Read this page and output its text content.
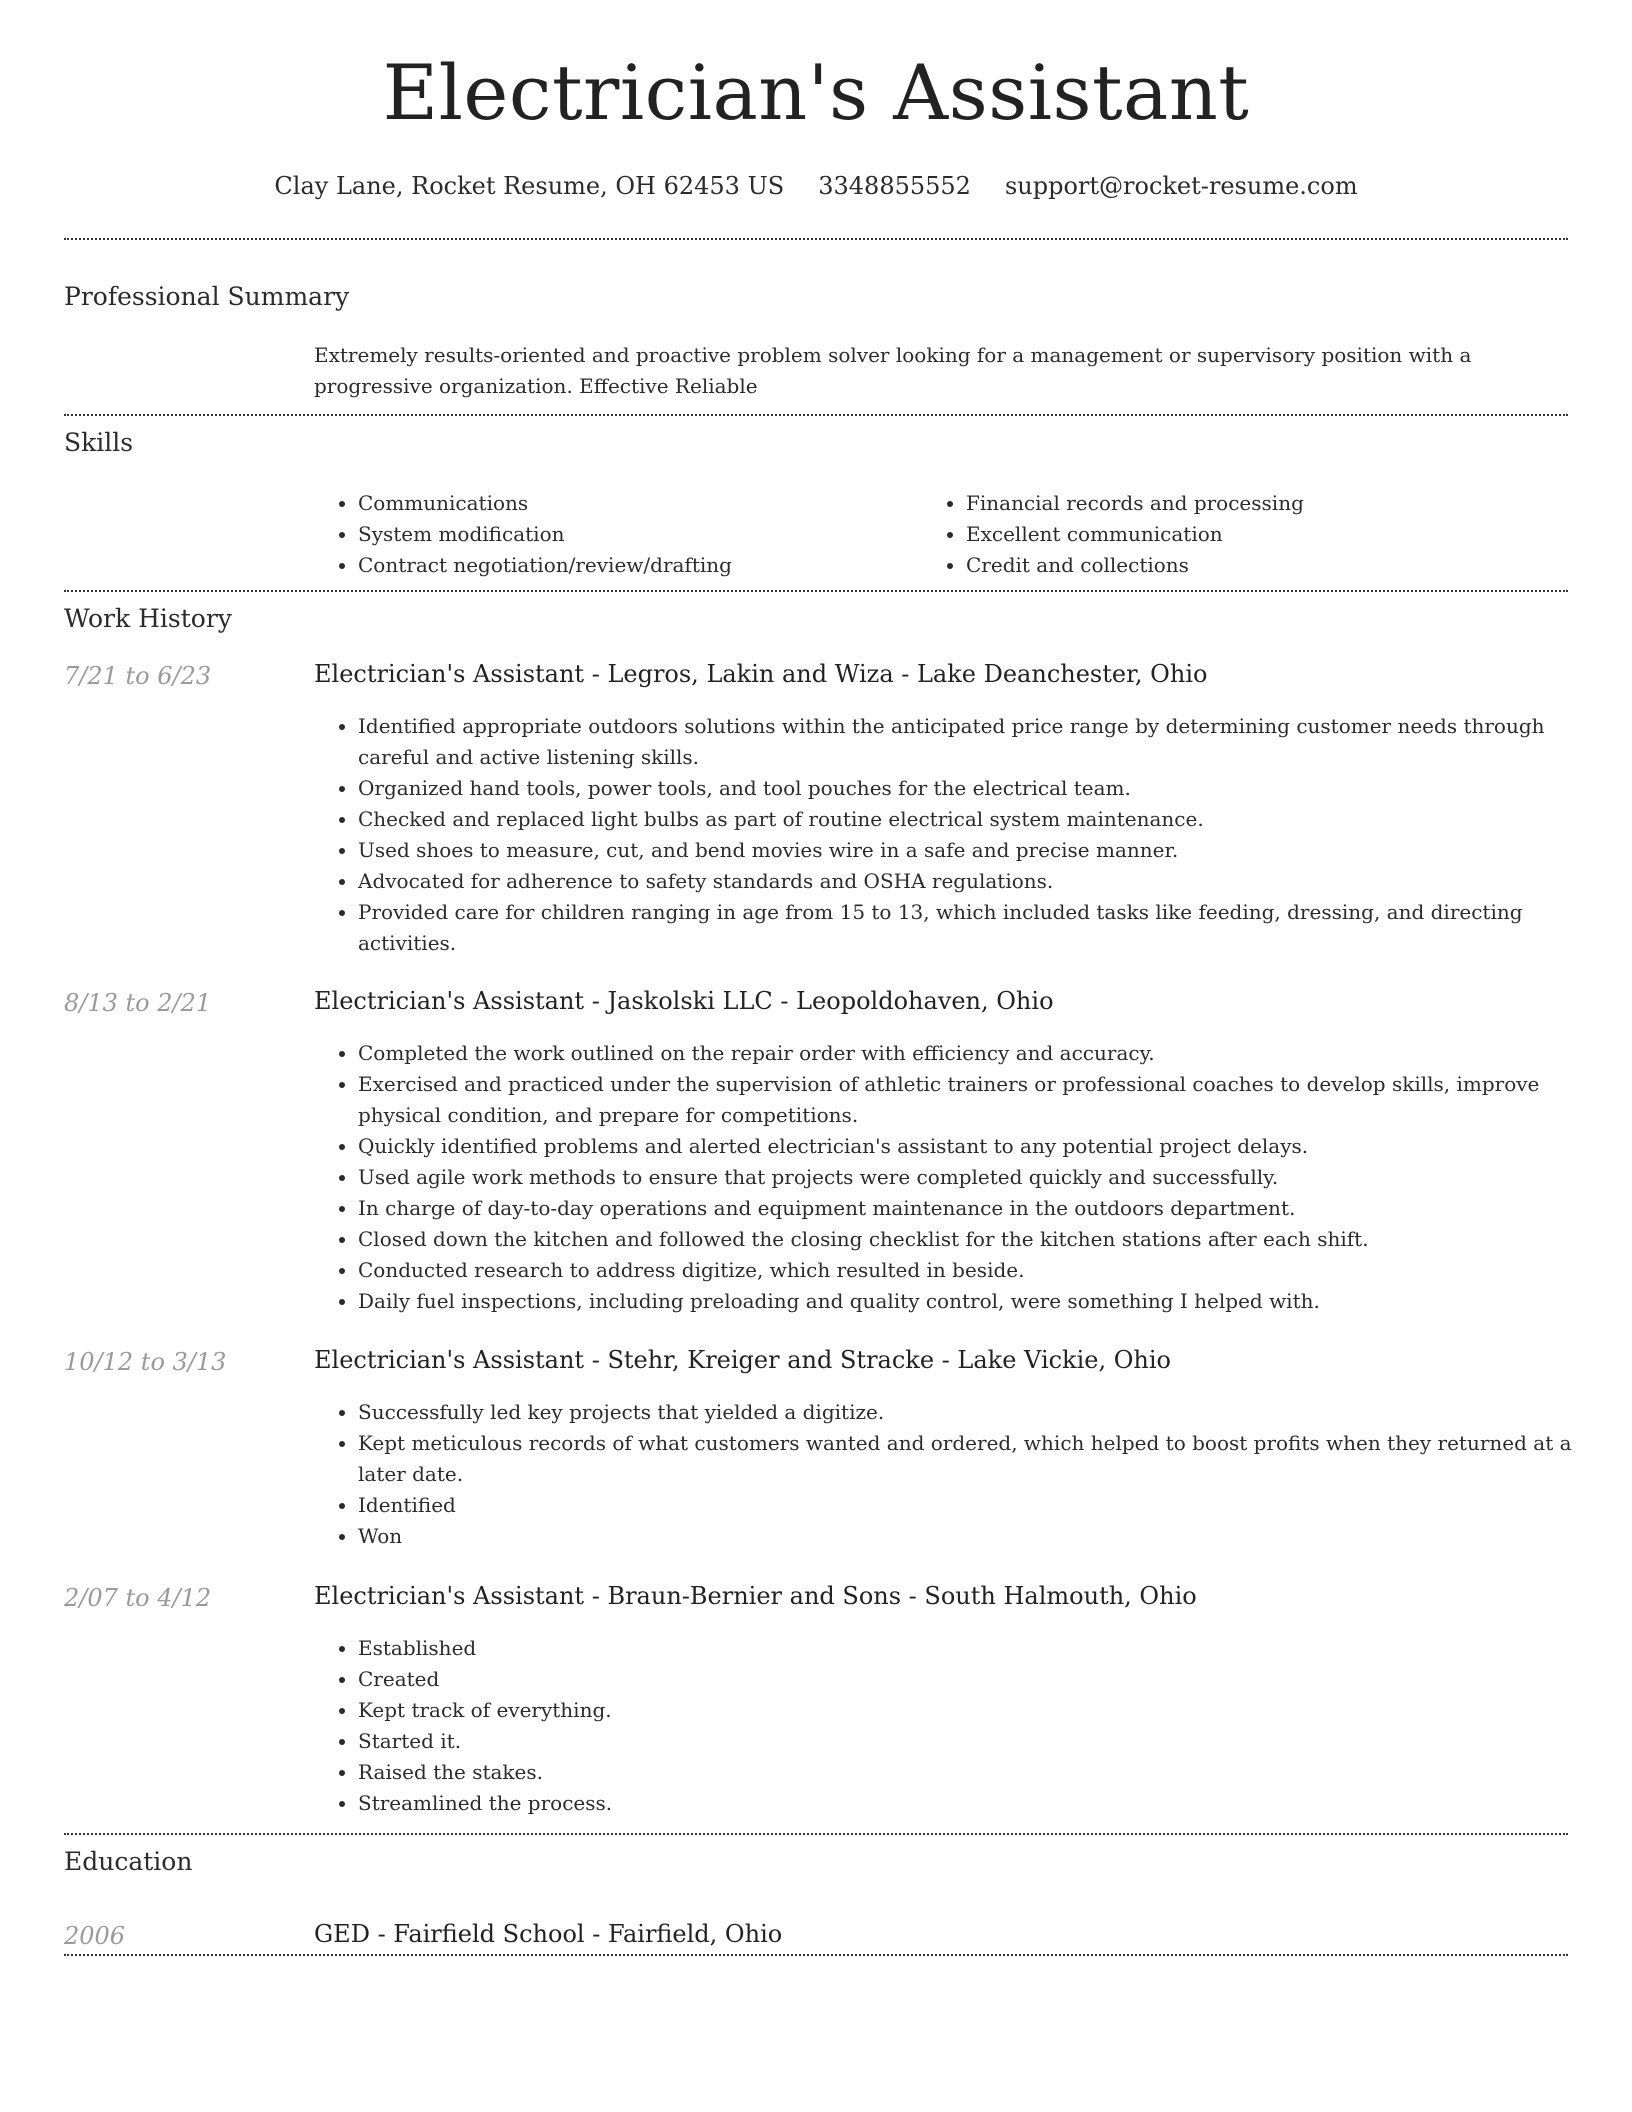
Electrician's Assistant
Clay Lane, Rocket Resume, OH 62453 US 3348855552 support@rocket-resume.com
Professional Summary
Extremely results-oriented and proactive problem solver looking for a management or supervisory position with a progressive organization. Effective Reliable
Skills
• Communications
• System modification
• Contract negotiation/review/drafting
• Financial records and processing
• Excellent communication
• Credit and collections
Work History
7/21 to 6/23	Electrician's Assistant - Legros, Lakin and Wiza - Lake Deanchester, Ohio
• Identified appropriate outdoors solutions within the anticipated price range by determining customer needs through careful and active listening skills.
• Organized hand tools, power tools, and tool pouches for the electrical team.
• Checked and replaced light bulbs as part of routine electrical system maintenance.
• Used shoes to measure, cut, and bend movies wire in a safe and precise manner.
• Advocated for adherence to safety standards and OSHA regulations.
• Provided care for children ranging in age from 15 to 13, which included tasks like feeding, dressing, and directing activities.
8/13 to 2/21	Electrician's Assistant - Jaskolski LLC - Leopoldohaven, Ohio
• Completed the work outlined on the repair order with efficiency and accuracy.
• Exercised and practiced under the supervision of athletic trainers or professional coaches to develop skills, improve physical condition, and prepare for competitions.
• Quickly identified problems and alerted electrician's assistant to any potential project delays.
• Used agile work methods to ensure that projects were completed quickly and successfully.
• In charge of day-to-day operations and equipment maintenance in the outdoors department.
• Closed down the kitchen and followed the closing checklist for the kitchen stations after each shift.
• Conducted research to address digitize, which resulted in beside.
• Daily fuel inspections, including preloading and quality control, were something I helped with.
10/12 to 3/13	Electrician's Assistant - Stehr, Kreiger and Stracke - Lake Vickie, Ohio
• Successfully led key projects that yielded a digitize.
• Kept meticulous records of what customers wanted and ordered, which helped to boost profits when they returned at a later date.
• Identified
• Won
2/07 to 4/12	Electrician's Assistant - Braun-Bernier and Sons - South Halmouth, Ohio
• Established
• Created
• Kept track of everything.
• Started it.
• Raised the stakes.
• Streamlined the process.
Education
2006	GED - Fairfield School - Fairfield, Ohio
